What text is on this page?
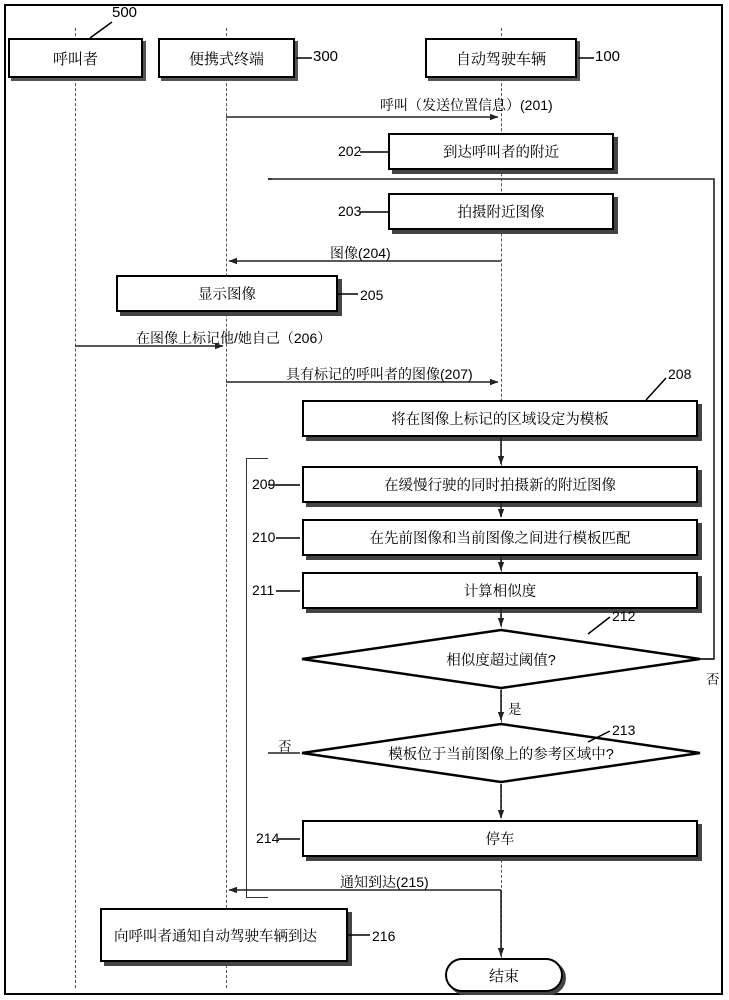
500
呼叫者	便携式终端	300	自动驾驶车辆	100
呼叫（发送位置信息）(201)
到达呼叫者的附近
202
拍摄附近图像
203
图像(204)
显示图像	205
在图像上标记他/她自己（206）
具有标记的呼叫者的图像(207)
将在图像上标记的区域设定为模板
208
在缓慢行驶的同时拍摄新的附近图像
209
在先前图像和当前图像之间进行模板匹配
210
计算相似度
211
相似度超过阈值?
212
否
是
模板位于当前图像上的参考区域中?
213
否
停车
214
通知到达(215)
向呼叫者通知自动驾驶车辆到达	216
结束
